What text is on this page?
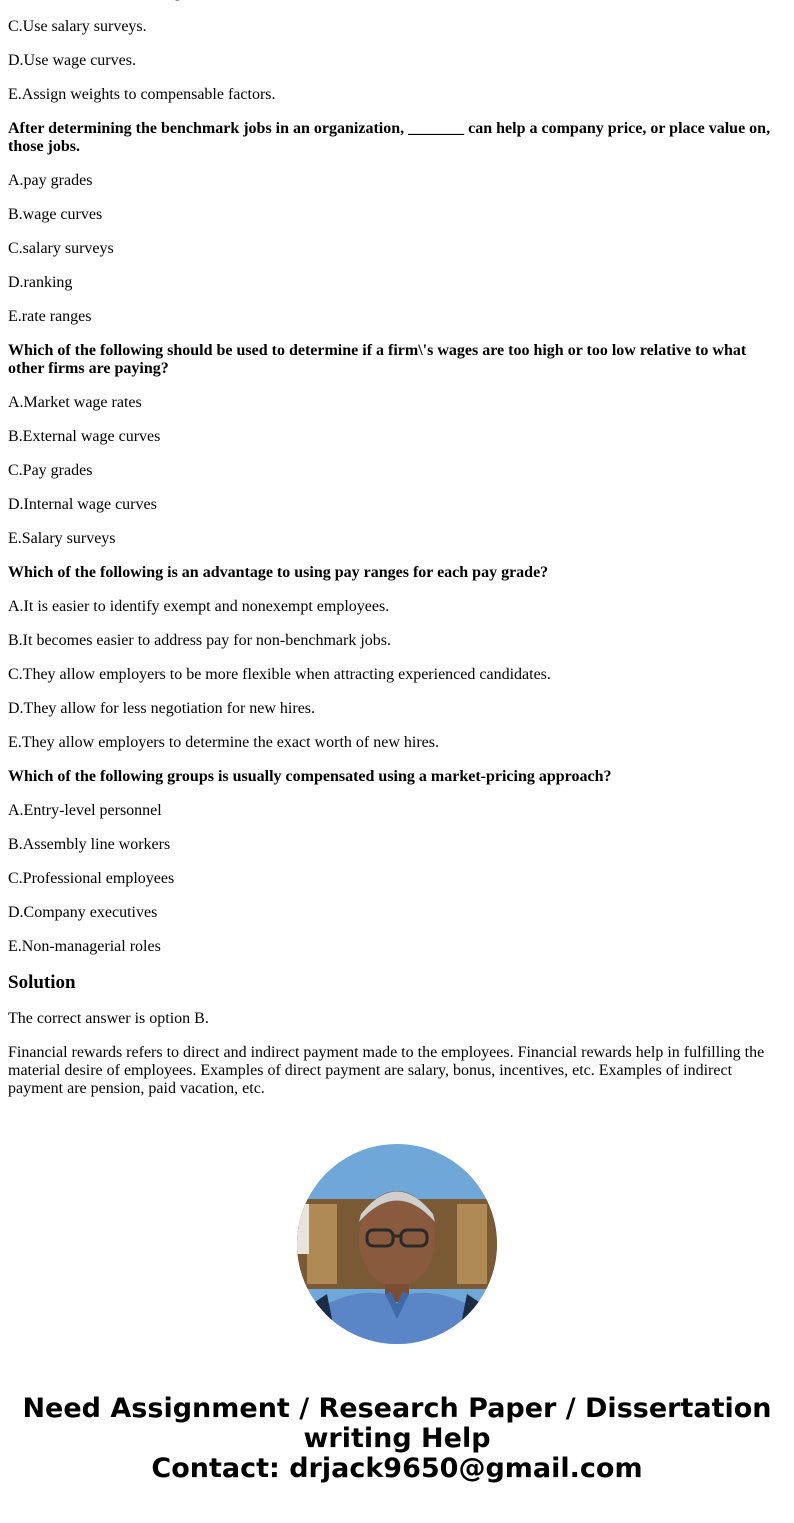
C.Use salary surveys.

D.Use wage curves.

E.Assign weights to compensable factors.

After determining the benchmark jobs in an organization, _______ can help a company price, or place value on, those jobs.

A.pay grades

B.wage curves

C.salary surveys

D.ranking

E.rate ranges

Which of the following should be used to determine if a firm\'s wages are too high or too low relative to what other firms are paying?

A.Market wage rates

B.External wage curves

C.Pay grades

D.Internal wage curves

E.Salary surveys

Which of the following is an advantage to using pay ranges for each pay grade?

A.It is easier to identify exempt and nonexempt employees.

B.It becomes easier to address pay for non-benchmark jobs.

C.They allow employers to be more flexible when attracting experienced candidates.

D.They allow for less negotiation for new hires.

E.They allow employers to determine the exact worth of new hires.

Which of the following groups is usually compensated using a market-pricing approach?

A.Entry-level personnel

B.Assembly line workers

C.Professional employees

D.Company executives

E.Non-managerial roles

Solution

The correct answer is option B.

Financial rewards refers to direct and indirect payment made to the employees. Financial rewards help in fulfilling the material desire of employees. Examples of direct payment are salary, bonus, incentives, etc. Examples of indirect payment are pension, paid vacation, etc.

Need Assignment / Research Paper / Dissertation
writing Help
Contact: drjack9650@gmail.com
